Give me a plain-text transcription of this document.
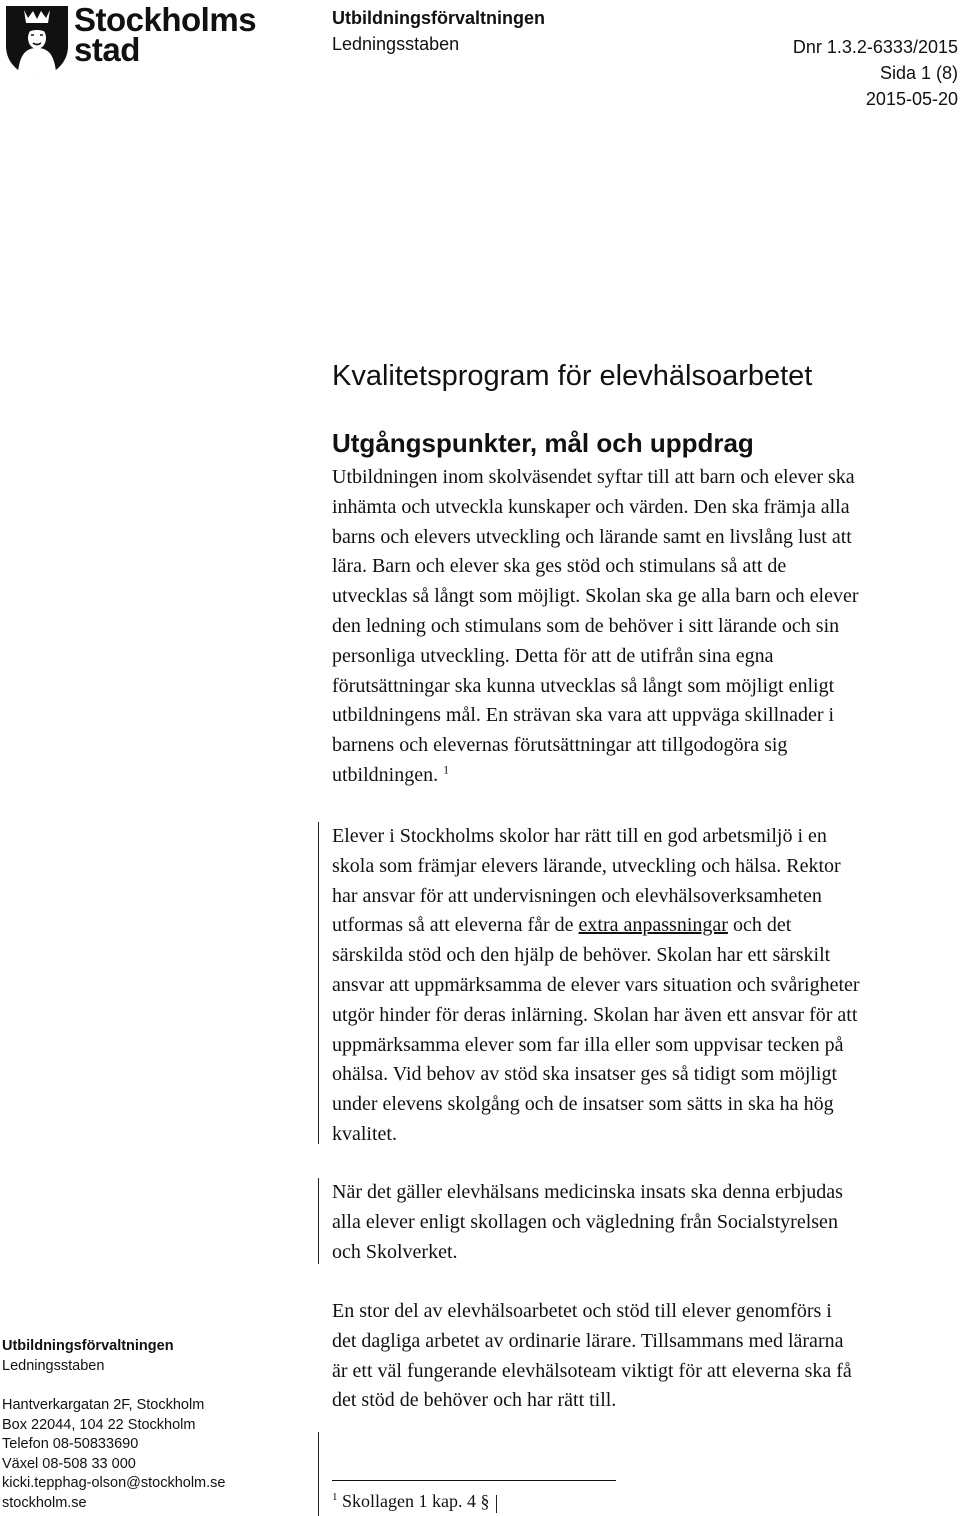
Stockholms
stad
Utbildningsförvaltningen
Ledningsstaben	Dnr 1.3.2-6333/2015
Sida 1 (8)
2015-05-20
Kvalitetsprogram för elevhälsoarbetet
Utgångspunkter, mål och uppdrag
Utbildningen inom skolväsendet syftar till att barn och elever ska
inhämta och utveckla kunskaper och värden. Den ska främja alla
barns och elevers utveckling och lärande samt en livslång lust att
lära. Barn och elever ska ges stöd och stimulans så att de
utvecklas så långt som möjligt. Skolan ska ge alla barn och elever
den ledning och stimulans som de behöver i sitt lärande och sin
personliga utveckling. Detta för att de utifrån sina egna
förutsättningar ska kunna utvecklas så långt som möjligt enligt
utbildningens mål. En strävan ska vara att uppväga skillnader i
barnens och elevernas förutsättningar att tillgodogöra sig
utbildningen. $^1$
Elever i Stockholms skolor har rätt till en god arbetsmiljö i en
skola som främjar elevers lärande, utveckling och hälsa. Rektor
har ansvar för att undervisningen och elevhälsoverksamheten
utformas så att eleverna får de extra anpassningar och det
särskilda stöd och den hjälp de behöver. Skolan har ett särskilt
ansvar att uppmärksamma de elever vars situation och svårigheter
utgör hinder för deras inlärning. Skolan har även ett ansvar för att
uppmärksamma elever som far illa eller som uppvisar tecken på
ohälsa. Vid behov av stöd ska insatser ges så tidigt som möjligt
under elevens skolgång och de insatser som sätts in ska ha hög
kvalitet.
När det gäller elevhälsans medicinska insats ska denna erbjudas
alla elever enligt skollagen och vägledning från Socialstyrelsen
och Skolverket.
En stor del av elevhälsoarbetet och stöd till elever genomförs i
det dagliga arbetet av ordinarie lärare. Tillsammans med lärarna
är ett väl fungerande elevhälsoteam viktigt för att eleverna ska få
det stöd de behöver och har rätt till.
$^1$ Skollagen 1 kap. 4 §
Utbildningsförvaltningen
Ledningsstaben
Hantverkargatan 2F, Stockholm
Box 22044, 104 22 Stockholm
Telefon 08-50833690
Växel 08-508 33 000
kicki.tepphag-olson@stockholm.se
stockholm.se
